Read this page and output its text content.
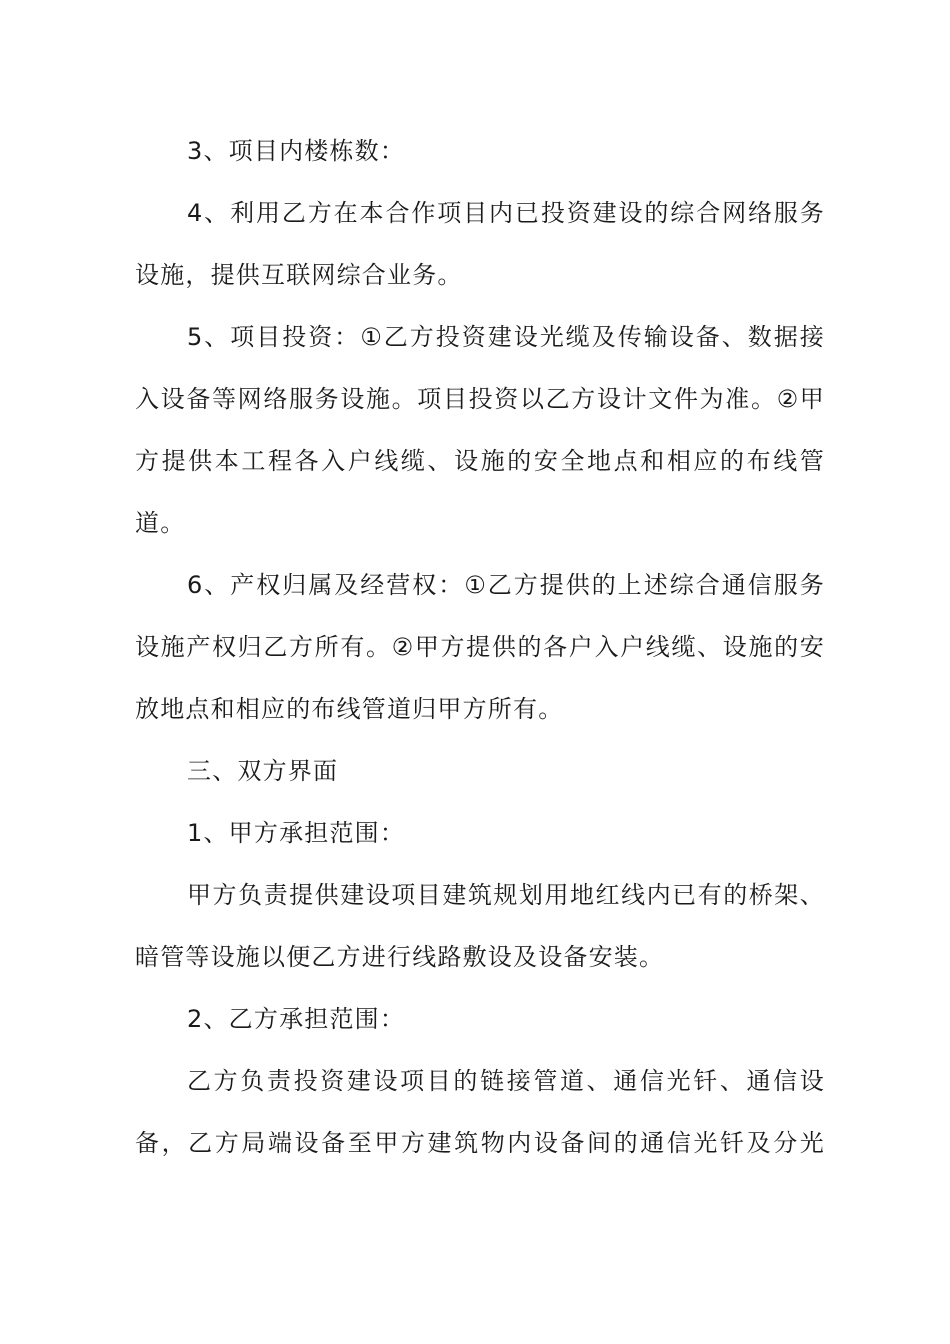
3、项目内楼栋数：

4、利用乙方在本合作项目内已投资建设的综合网络服务设施，提供互联网综合业务。

5、项目投资：①乙方投资建设光缆及传输设备、数据接入设备等网络服务设施。项目投资以乙方设计文件为准。②甲方提供本工程各入户线缆、设施的安全地点和相应的布线管道。

6、产权归属及经营权：①乙方提供的上述综合通信服务设施产权归乙方所有。②甲方提供的各户入户线缆、设施的安放地点和相应的布线管道归甲方所有。

三、双方界面

1、甲方承担范围：

甲方负责提供建设项目建筑规划用地红线内已有的桥架、暗管等设施以便乙方进行线路敷设及设备安装。

2、乙方承担范围：

乙方负责投资建设项目的链接管道、通信光钎、通信设备，乙方局端设备至甲方建筑物内设备间的通信光钎及分光
